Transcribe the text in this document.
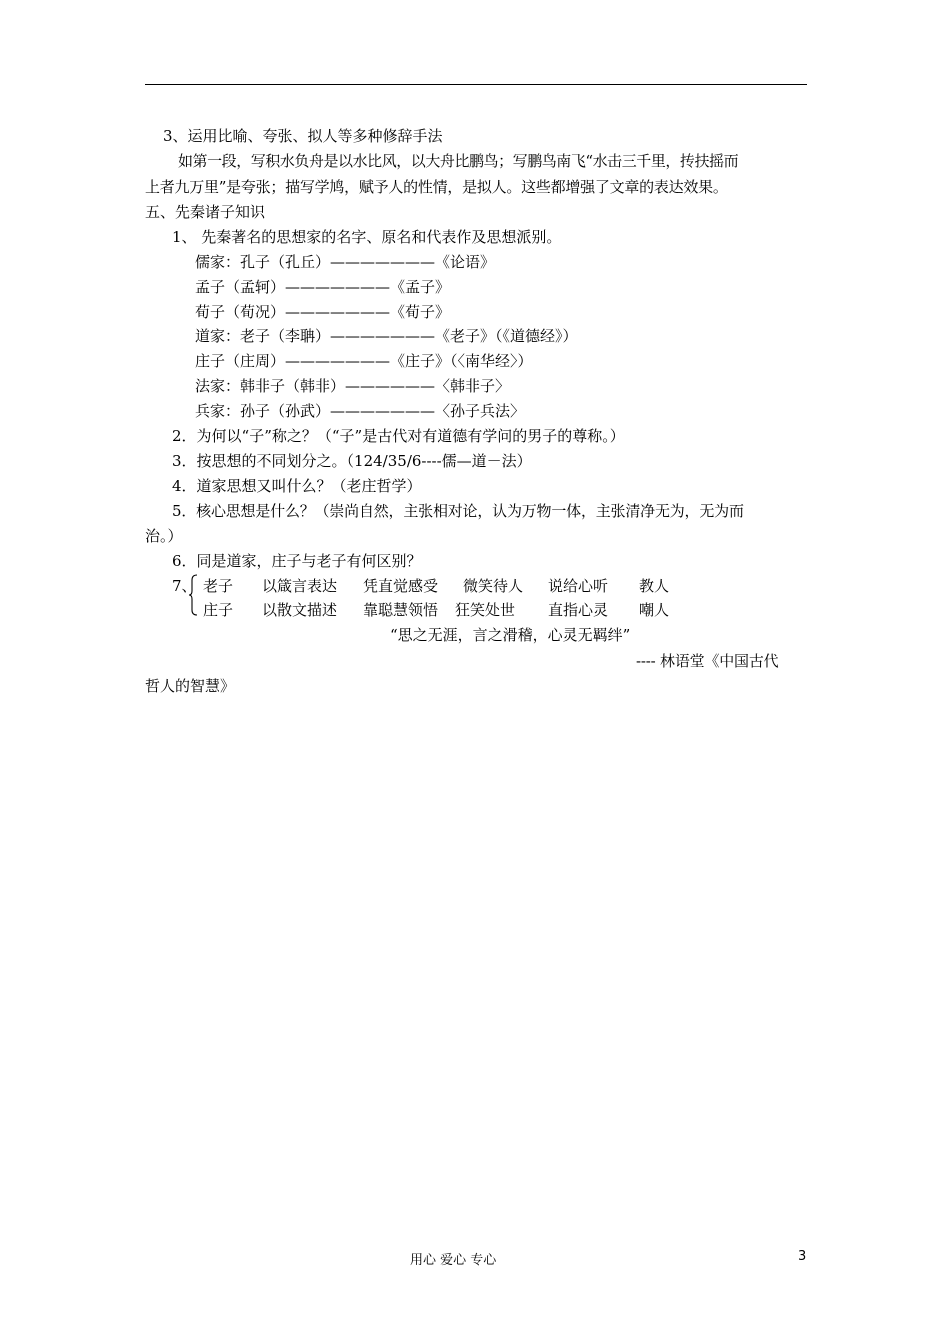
3、运用比喻、夸张、拟人等多种修辞手法
如第一段，写积水负舟是以水比风，以大舟比鹏鸟；写鹏鸟南飞“水击三千里，抟扶摇而
上者九万里”是夸张；描写学鸠，赋予人的性情，是拟人。这些都增强了文章的表达效果。
五、先秦诸子知识
1、 先秦著名的思想家的名字、原名和代表作及思想派别。
儒家：孔子（孔丘）———————《论语》
孟子（孟轲）———————《孟子》
荀子（荀况）———————《荀子》
道家：老子（李聃）———————《老子》（《道德经》）
庄子（庄周）———————《庄子》（〈南华经〉）
法家：韩非子（韩非）——————〈韩非子〉
兵家：孙子（孙武）———————〈孙子兵法〉
2．为何以“子”称之？（“子”是古代对有道德有学问的男子的尊称。）
3．按思想的不同划分之。（124/35/6----儒—道－法）
4．道家思想又叫什么？（老庄哲学）
5．核心思想是什么？（崇尚自然，主张相对论，认为万物一体，主张清净无为，无为而
治。）
6．同是道家，庄子与老子有何区别？
7、 老子 以箴言表达 凭直觉感受 微笑待人 说给心听 教人
庄子 以散文描述 靠聪慧领悟 狂笑处世 直指心灵 嘲人
“思之无涯，言之滑稽，心灵无羁绊”
---- 林语堂《中国古代
哲人的智慧》
用心 爱心 专心	3
